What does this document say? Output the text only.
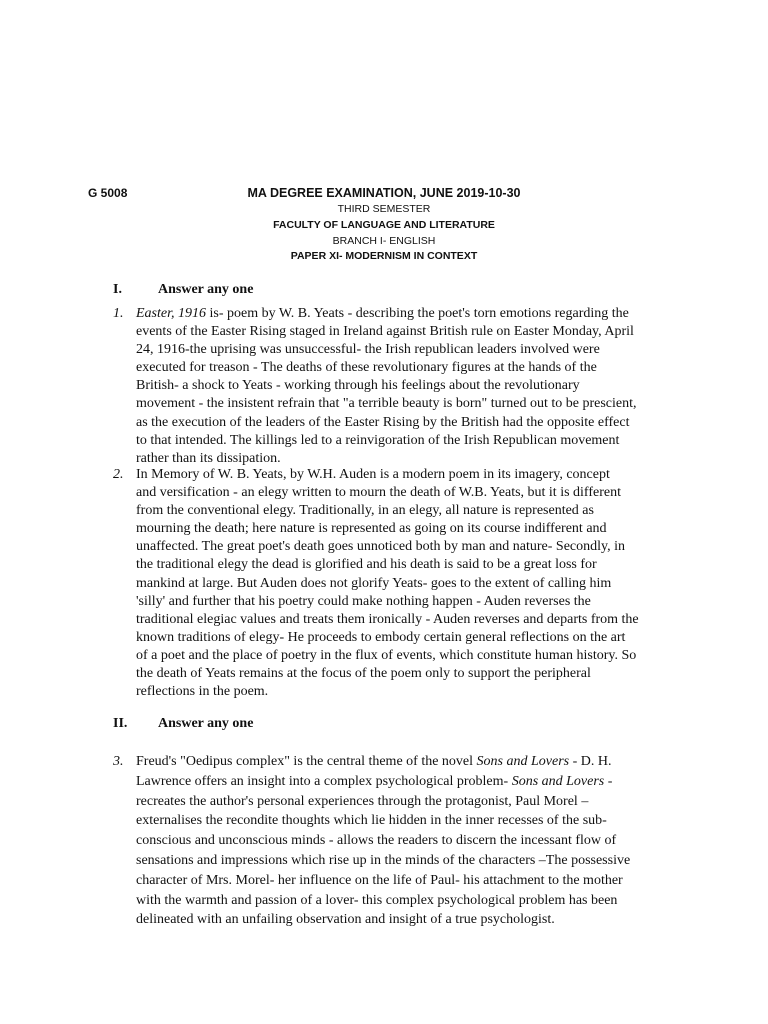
G 5008	MA DEGREE EXAMINATION, JUNE 2019-10-30
THIRD SEMESTER
FACULTY OF LANGUAGE AND LITERATURE
BRANCH I- ENGLISH
PAPER XI- MODERNISM IN CONTEXT
I.	Answer any one
1. Easter, 1916 is- poem by W. B. Yeats - describing the poet's torn emotions regarding the
events of the Easter Rising staged in Ireland against British rule on Easter Monday, April
24, 1916-the uprising was unsuccessful- the Irish republican leaders involved were
executed for treason - The deaths of these revolutionary figures at the hands of the
British- a shock to Yeats - working through his feelings about the revolutionary
movement - the insistent refrain that "a terrible beauty is born" turned out to be prescient,
as the execution of the leaders of the Easter Rising by the British had the opposite effect
to that intended. The killings led to a reinvigoration of the Irish Republican movement
rather than its dissipation.
2. In Memory of W. B. Yeats, by W.H. Auden is a modern poem in its imagery, concept
and versification - an elegy written to mourn the death of W.B. Yeats, but it is different
from the conventional elegy. Traditionally, in an elegy, all nature is represented as
mourning the death; here nature is represented as going on its course indifferent and
unaffected. The great poet's death goes unnoticed both by man and nature- Secondly, in
the traditional elegy the dead is glorified and his death is said to be a great loss for
mankind at large. But Auden does not glorify Yeats- goes to the extent of calling him
'silly' and further that his poetry could make nothing happen - Auden reverses the
traditional elegiac values and treats them ironically - Auden reverses and departs from the
known traditions of elegy- He proceeds to embody certain general reflections on the art
of a poet and the place of poetry in the flux of events, which constitute human history. So
the death of Yeats remains at the focus of the poem only to support the peripheral
reflections in the poem.
II. Answer any one
3. Freud's "Oedipus complex" is the central theme of the novel Sons and Lovers - D. H.
Lawrence offers an insight into a complex psychological problem- Sons and Lovers -
recreates the author's personal experiences through the protagonist, Paul Morel –
externalises the recondite thoughts which lie hidden in the inner recesses of the sub-
conscious and unconscious minds - allows the readers to discern the incessant flow of
sensations and impressions which rise up in the minds of the characters –The possessive
character of Mrs. Morel- her influence on the life of Paul- his attachment to the mother
with the warmth and passion of a lover- this complex psychological problem has been
delineated with an unfailing observation and insight of a true psychologist.
